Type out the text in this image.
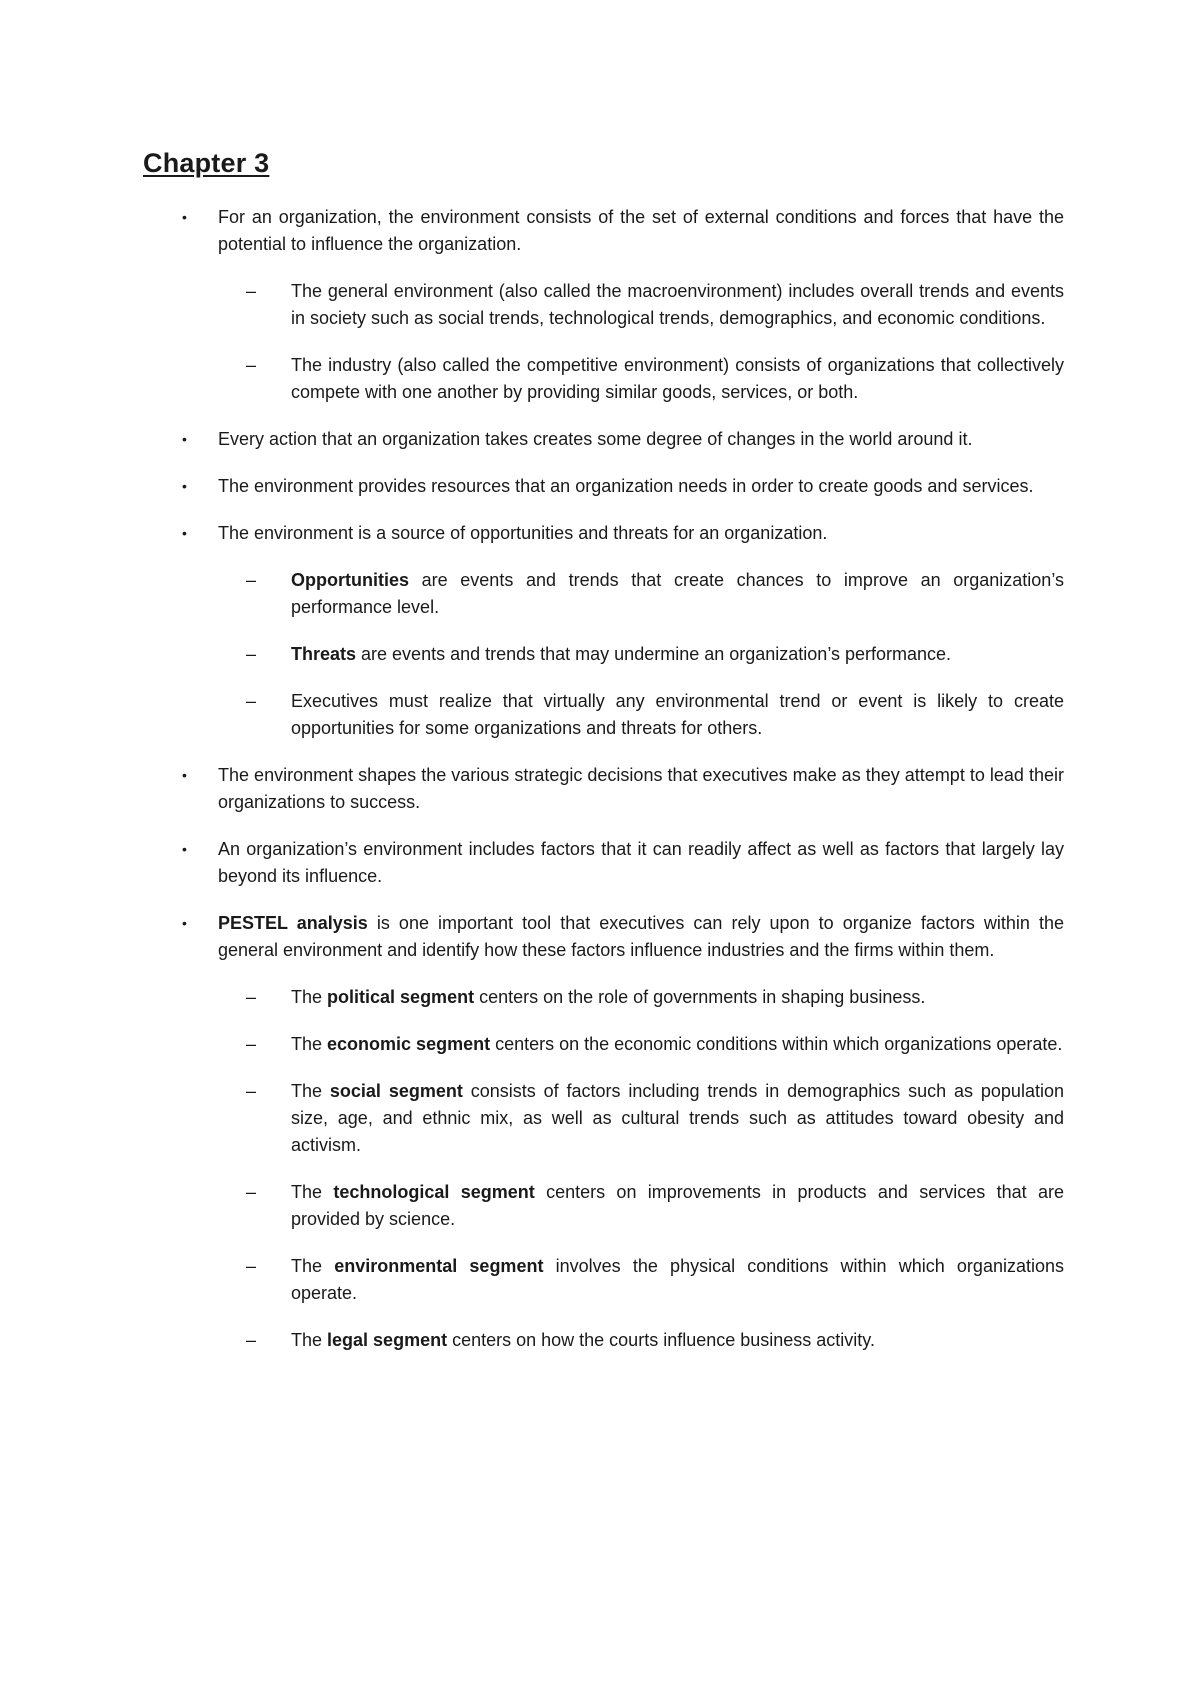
Chapter 3
• For an organization, the environment consists of the set of external conditions and forces that have the potential to influence the organization.
– The general environment (also called the macroenvironment) includes overall trends and events in society such as social trends, technological trends, demographics, and economic conditions.
– The industry (also called the competitive environment) consists of organizations that collectively compete with one another by providing similar goods, services, or both.
• Every action that an organization takes creates some degree of changes in the world around it.
• The environment provides resources that an organization needs in order to create goods and services.
• The environment is a source of opportunities and threats for an organization.
– Opportunities are events and trends that create chances to improve an organization’s performance level.
– Threats are events and trends that may undermine an organization’s performance.
– Executives must realize that virtually any environmental trend or event is likely to create opportunities for some organizations and threats for others.
• The environment shapes the various strategic decisions that executives make as they attempt to lead their organizations to success.
• An organization’s environment includes factors that it can readily affect as well as factors that largely lay beyond its influence.
• PESTEL analysis is one important tool that executives can rely upon to organize factors within the general environment and identify how these factors influence industries and the firms within them.
– The political segment centers on the role of governments in shaping business.
– The economic segment centers on the economic conditions within which organizations operate.
– The social segment consists of factors including trends in demographics such as population size, age, and ethnic mix, as well as cultural trends such as attitudes toward obesity and activism.
– The technological segment centers on improvements in products and services that are provided by science.
– The environmental segment involves the physical conditions within which organizations operate.
– The legal segment centers on how the courts influence business activity.
